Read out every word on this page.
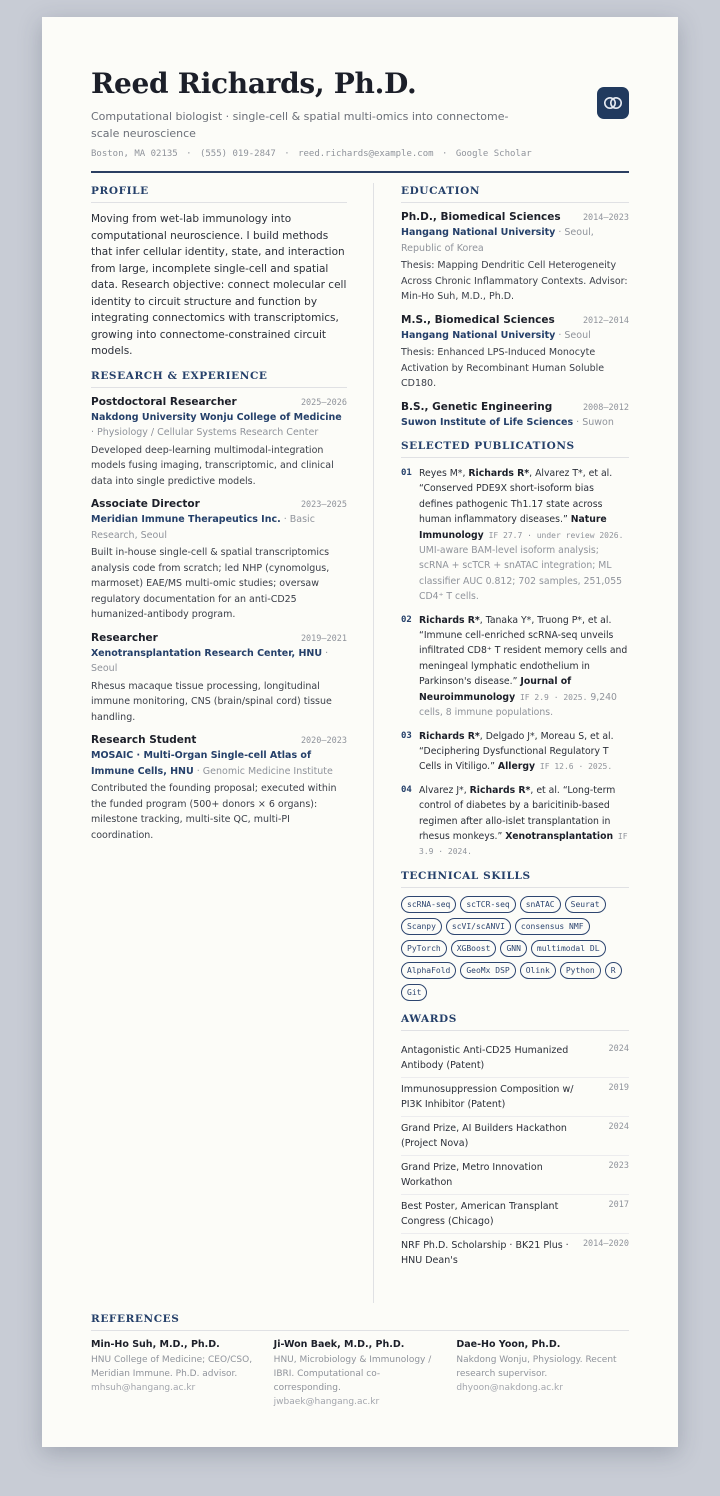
Reed Richards, Ph.D.
Computational biologist · single-cell & spatial multi-omics into connectome-scale neuroscience
Boston, MA 02135 · (555) 019-2847 · reed.richards@example.com · Google Scholar
PROFILE
Moving from wet-lab immunology into computational neuroscience. I build methods that infer cellular identity, state, and interaction from large, incomplete single-cell and spatial data. Research objective: connect molecular cell identity to circuit structure and function by integrating connectomics with transcriptomics, growing into connectome-constrained circuit models.
RESEARCH & EXPERIENCE
Postdoctoral Researcher	2025–2026
Nakdong University Wonju College of Medicine · Physiology / Cellular Systems Research Center
Developed deep-learning multimodal-integration models fusing imaging, transcriptomic, and clinical data into single predictive models.
Associate Director	2023–2025
Meridian Immune Therapeutics Inc. · Basic Research, Seoul
Built in-house single-cell & spatial transcriptomics analysis code from scratch; led NHP (cynomolgus, marmoset) EAE/MS multi-omic studies; oversaw regulatory documentation for an anti-CD25 humanized-antibody program.
Researcher	2019–2021
Xenotransplantation Research Center, HNU · Seoul
Rhesus macaque tissue processing, longitudinal immune monitoring, CNS (brain/spinal cord) tissue handling.
Research Student	2020–2023
MOSAIC · Multi-Organ Single-cell Atlas of Immune Cells, HNU · Genomic Medicine Institute
Contributed the founding proposal; executed within the funded program (500+ donors × 6 organs): milestone tracking, multi-site QC, multi-PI coordination.
EDUCATION
Ph.D., Biomedical Sciences	2014–2023
Hangang National University · Seoul, Republic of Korea
Thesis: Mapping Dendritic Cell Heterogeneity Across Chronic Inflammatory Contexts. Advisor: Min-Ho Suh, M.D., Ph.D.
M.S., Biomedical Sciences	2012–2014
Hangang National University · Seoul
Thesis: Enhanced LPS-Induced Monocyte Activation by Recombinant Human Soluble CD180.
B.S., Genetic Engineering	2008–2012
Suwon Institute of Life Sciences · Suwon
SELECTED PUBLICATIONS
01 Reyes M*, Richards R*, Alvarez T*, et al. “Conserved PDE9X short-isoform bias defines pathogenic Th1.17 state across human inflammatory diseases.” Nature Immunology IF 27.7 · under review 2026. UMI-aware BAM-level isoform analysis; scRNA + scTCR + snATAC integration; ML classifier AUC 0.812; 702 samples, 251,055 CD4⁺ T cells.
02 Richards R*, Tanaka Y*, Truong P*, et al. “Immune cell-enriched scRNA-seq unveils infiltrated CD8⁺ T resident memory cells and meningeal lymphatic endothelium in Parkinson's disease.” Journal of Neuroimmunology IF 2.9 · 2025. 9,240 cells, 8 immune populations.
03 Richards R*, Delgado J*, Moreau S, et al. “Deciphering Dysfunctional Regulatory T Cells in Vitiligo.” Allergy IF 12.6 · 2025.
04 Alvarez J*, Richards R*, et al. “Long-term control of diabetes by a baricitinib-based regimen after allo-islet transplantation in rhesus monkeys.” Xenotransplantation IF 3.9 · 2024.
TECHNICAL SKILLS
scRNA-seq	scTCR-seq	snATAC	Seurat
Scanpy	scVI/scANVI	consensus NMF
PyTorch	XGBoost	GNN	multimodal DL
AlphaFold	GeoMx DSP	Olink	Python	R
Git
AWARDS
Antagonistic Anti-CD25 Humanized Antibody (Patent)
2024
Immunosuppression Composition w/ PI3K Inhibitor (Patent)
2019
Grand Prize, AI Builders Hackathon (Project Nova)
2024
Grand Prize, Metro Innovation Workathon
2023
Best Poster, American Transplant Congress (Chicago)
2017
NRF Ph.D. Scholarship · BK21 Plus · HNU Dean's
2014–2020
REFERENCES
Min-Ho Suh, M.D., Ph.D.
HNU College of Medicine; CEO/CSO, Meridian Immune. Ph.D. advisor.
mhsuh@hangang.ac.kr
Ji-Won Baek, M.D., Ph.D.
HNU, Microbiology & Immunology / IBRI. Computational co-corresponding.
jwbaek@hangang.ac.kr
Dae-Ho Yoon, Ph.D.
Nakdong Wonju, Physiology. Recent research supervisor.
dhyoon@nakdong.ac.kr
